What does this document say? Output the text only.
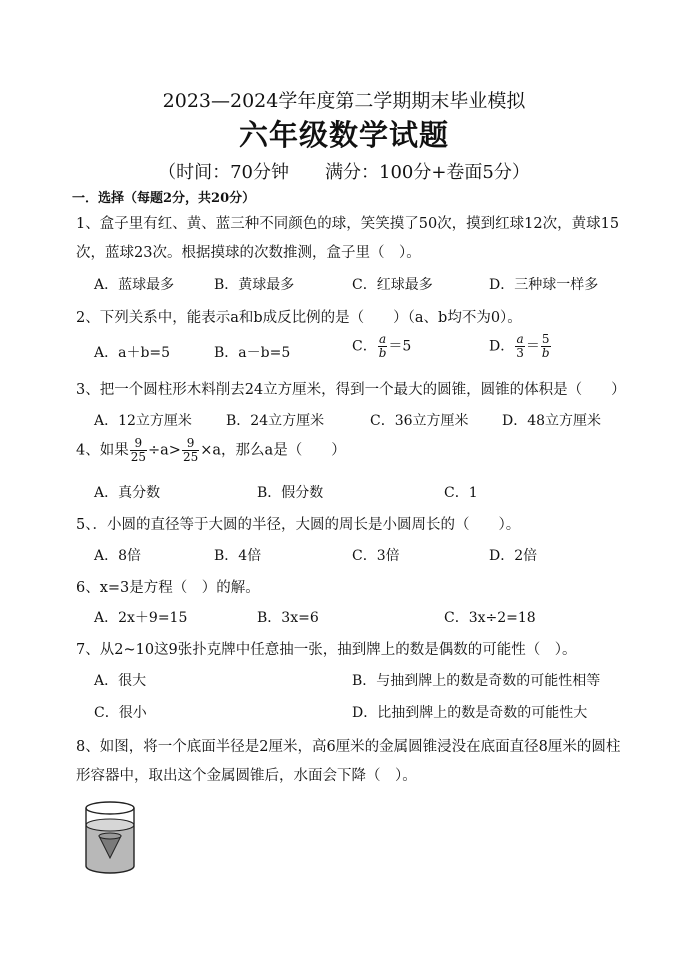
2023—2024学年度第二学期期末毕业模拟
六年级数学试题
（时间：70分钟　　满分：100分+卷面5分）
一．选择（每题2分，共20分）
1、盒子里有红、黄、蓝三种不同颜色的球，笑笑摸了50次，摸到红球12次，黄球15
次，蓝球23次。根据摸球的次数推测，盒子里（　）。
A．蓝球最多	B．黄球最多	C．红球最多	D．三种球一样多
2、下列关系中，能表示a和b成反比例的是（　　）（a、b均不为0）。
A．a＋b=5	B．a－b=5	C． $\frac{a}{b} =5$	D． $\frac{a}{3} = \frac{5}{b}$
3、把一个圆柱形木料削去24立方厘米，得到一个最大的圆锥，圆锥的体积是（　　）
A．12立方厘米 B．24立方厘米	C．36立方厘米 D．48立方厘米
4、如果 $\frac{9}{25} \div a> \frac{9}{25} \times a$，那么a是（　　）
A．真分数	B．假分数	C．1
5、．小圆的直径等于大圆的半径，大圆的周长是小圆周长的（　　）。
A．8倍	B．4倍	C．3倍	D．2倍
6、x=3是方程（　）的解。
A．2x＋9=15	B．3x=6	C．3x÷2=18
7、从2~10这9张扑克牌中任意抽一张，抽到牌上的数是偶数的可能性（　）。
A．很大	B．与抽到牌上的数是奇数的可能性相等
C．很小	D．比抽到牌上的数是奇数的可能性大
8、如图，将一个底面半径是2厘米，高6厘米的金属圆锥浸没在底面直径8厘米的圆柱
形容器中，取出这个金属圆锥后，水面会下降（　）。
